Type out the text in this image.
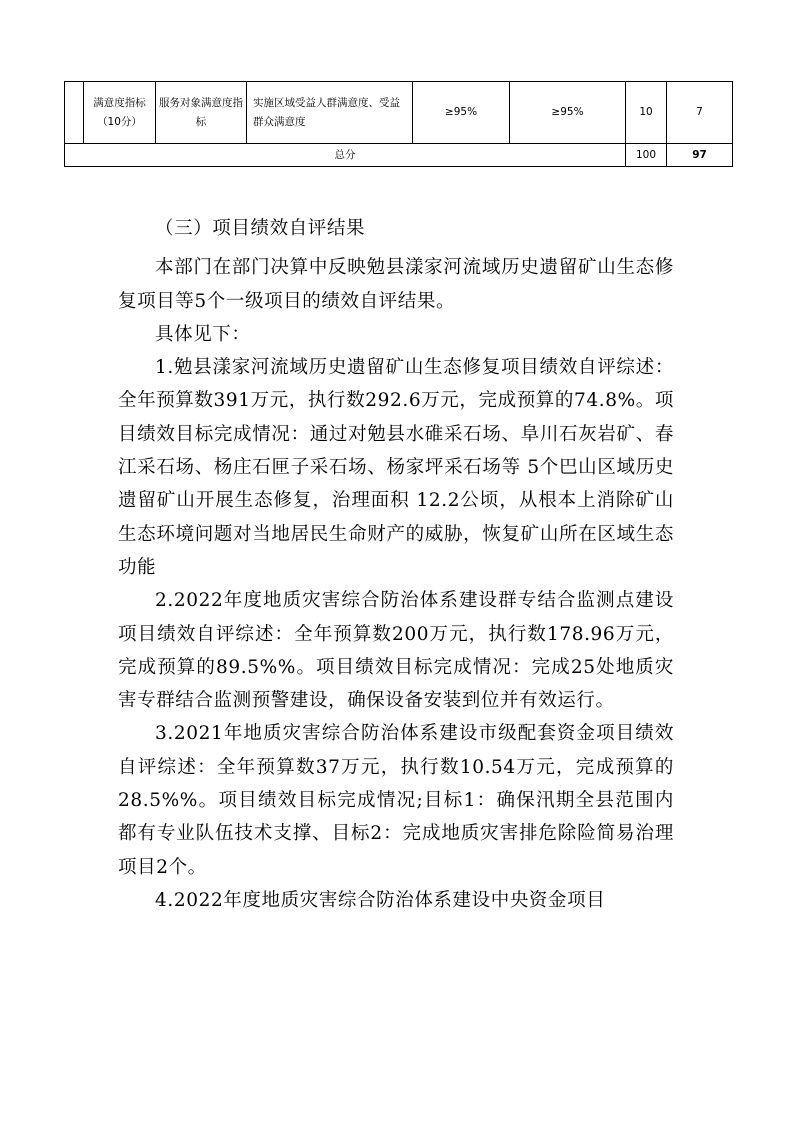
	满意度指标（10分）	服务对象满意度指标	实施区域受益人群满意度、受益群众满意度	≥95%	≥95%	10	7
总分						100	97

（三）项目绩效自评结果

本部门在部门决算中反映勉县漾家河流域历史遗留矿山生态修复项目等5个一级项目的绩效自评结果。

具体见下：

1.勉县漾家河流域历史遗留矿山生态修复项目绩效自评综述：全年预算数391万元，执行数292.6万元，完成预算的74.8%。项目绩效目标完成情况：通过对勉县水碓采石场、阜川石灰岩矿、春江采石场、杨庄石匣子采石场、杨家坪采石场等 5个巴山区域历史遗留矿山开展生态修复，治理面积 12.2公顷，从根本上消除矿山生态环境问题对当地居民生命财产的威胁，恢复矿山所在区域生态功能

2.2022年度地质灾害综合防治体系建设群专结合监测点建设项目绩效自评综述：全年预算数200万元，执行数178.96万元，完成预算的89.5%%。项目绩效目标完成情况：完成25处地质灾害专群结合监测预警建设，确保设备安装到位并有效运行。

3.2021年地质灾害综合防治体系建设市级配套资金项目绩效自评综述：全年预算数37万元，执行数10.54万元，完成预算的28.5%%。项目绩效目标完成情况;目标1：确保汛期全县范围内都有专业队伍技术支撑、目标2：完成地质灾害排危除险简易治理项目2个。

4.2022年度地质灾害综合防治体系建设中央资金项目
